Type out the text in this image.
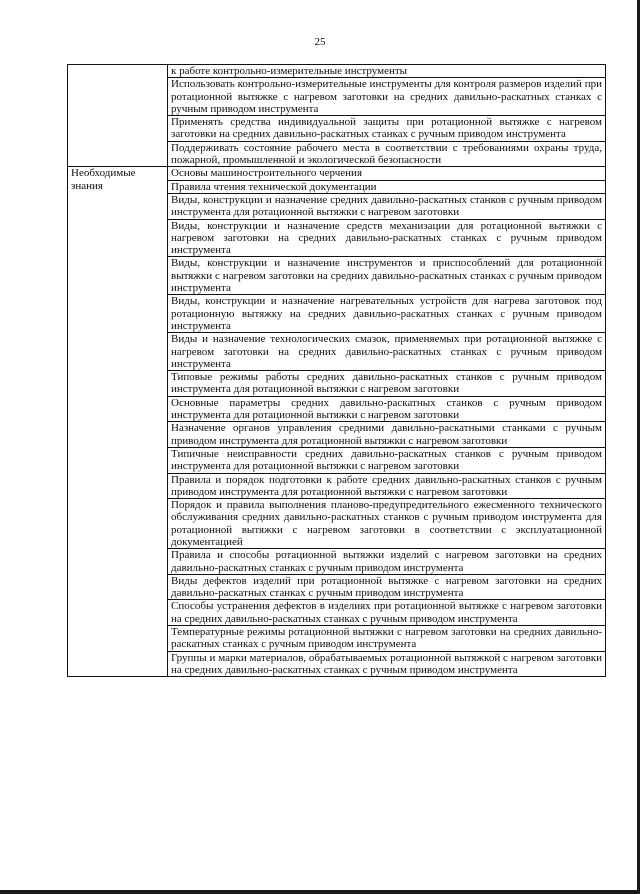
25
	к работе контрольно-измерительные инструменты
	Использовать контрольно-измерительные инструменты для контроля размеров изделий при ротационной вытяжке с нагревом заготовки на средних давильно-раскатных станках с ручным приводом инструмента
	Применять средства индивидуальной защиты при ротационной вытяжке с нагревом заготовки на средних давильно-раскатных станках с ручным приводом инструмента
	Поддерживать состояние рабочего места в соответствии с требованиями охраны труда, пожарной, промышленной и экологической безопасности
Необходимые знания	Основы машиностроительного черчения
	Правила чтения технической документации
	Виды, конструкции и назначение средних давильно-раскатных станков с ручным приводом инструмента для ротационной вытяжки с нагревом заготовки
	Виды, конструкции и назначение средств механизации для ротационной вытяжки с нагревом заготовки на средних давильно-раскатных станках с ручным приводом инструмента
	Виды, конструкции и назначение инструментов и приспособлений для ротационной вытяжки с нагревом заготовки на средних давильно-раскатных станках с ручным приводом инструмента
	Виды, конструкции и назначение нагревательных устройств для нагрева заготовок под ротационную вытяжку на средних давильно-раскатных станках с ручным приводом инструмента
	Виды и назначение технологических смазок, применяемых при ротационной вытяжке с нагревом заготовки на средних давильно-раскатных станках с ручным приводом инструмента
	Типовые режимы работы средних давильно-раскатных станков с ручным приводом инструмента для ротационной вытяжки с нагревом заготовки
	Основные параметры средних давильно-раскатных станков с ручным приводом инструмента для ротационной вытяжки с нагревом заготовки
	Назначение органов управления средними давильно-раскатными станками с ручным приводом инструмента для ротационной вытяжки с нагревом заготовки
	Типичные неисправности средних давильно-раскатных станков с ручным приводом инструмента для ротационной вытяжки с нагревом заготовки
	Правила и порядок подготовки к работе средних давильно-раскатных станков с ручным приводом инструмента для ротационной вытяжки с нагревом заготовки
	Порядок и правила выполнения планово-предупредительного ежесменного технического обслуживания средних давильно-раскатных станков с ручным приводом инструмента для ротационной вытяжки с нагревом заготовки в соответствии с эксплуатационной документацией
	Правила и способы ротационной вытяжки изделий с нагревом заготовки на средних давильно-раскатных станках с ручным приводом инструмента
	Виды дефектов изделий при ротационной вытяжке с нагревом заготовки на средних давильно-раскатных станках с ручным приводом инструмента
	Способы устранения дефектов в изделиях при ротационной вытяжке с нагревом заготовки на средних давильно-раскатных станках с ручным приводом инструмента
	Температурные режимы ротационной вытяжки с нагревом заготовки на средних давильно-раскатных станках с ручным приводом инструмента
	Группы и марки материалов, обрабатываемых ротационной вытяжкой с нагревом заготовки на средних давильно-раскатных станках с ручным приводом инструмента
